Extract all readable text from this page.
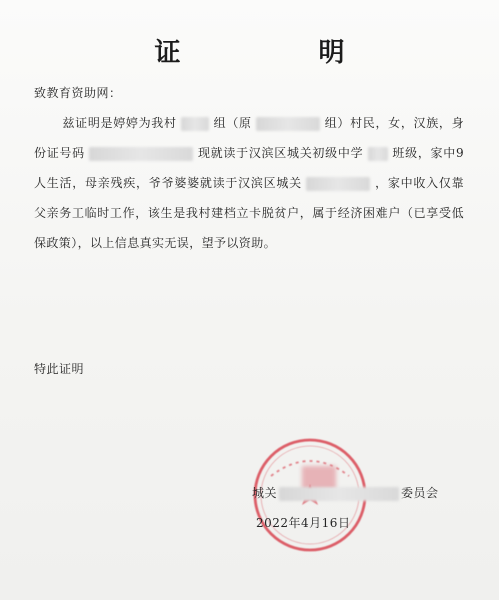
证　明
致教育资助网：
兹证明是婷婷为我村	组（原	组）村民，女，汉族，身份证号码	现就读于汉滨区城关初级中学 班级，家中9人生活，母亲残疾，爷爷婆婆就读于汉滨区城关	，家中收入仅靠父亲务工临时工作，该生是我村建档立卡脱贫户，属于经济困难户（已享受低保政策），以上信息真实无误，望予以资助。
特此证明
城关	委员会
2022年4月16日
